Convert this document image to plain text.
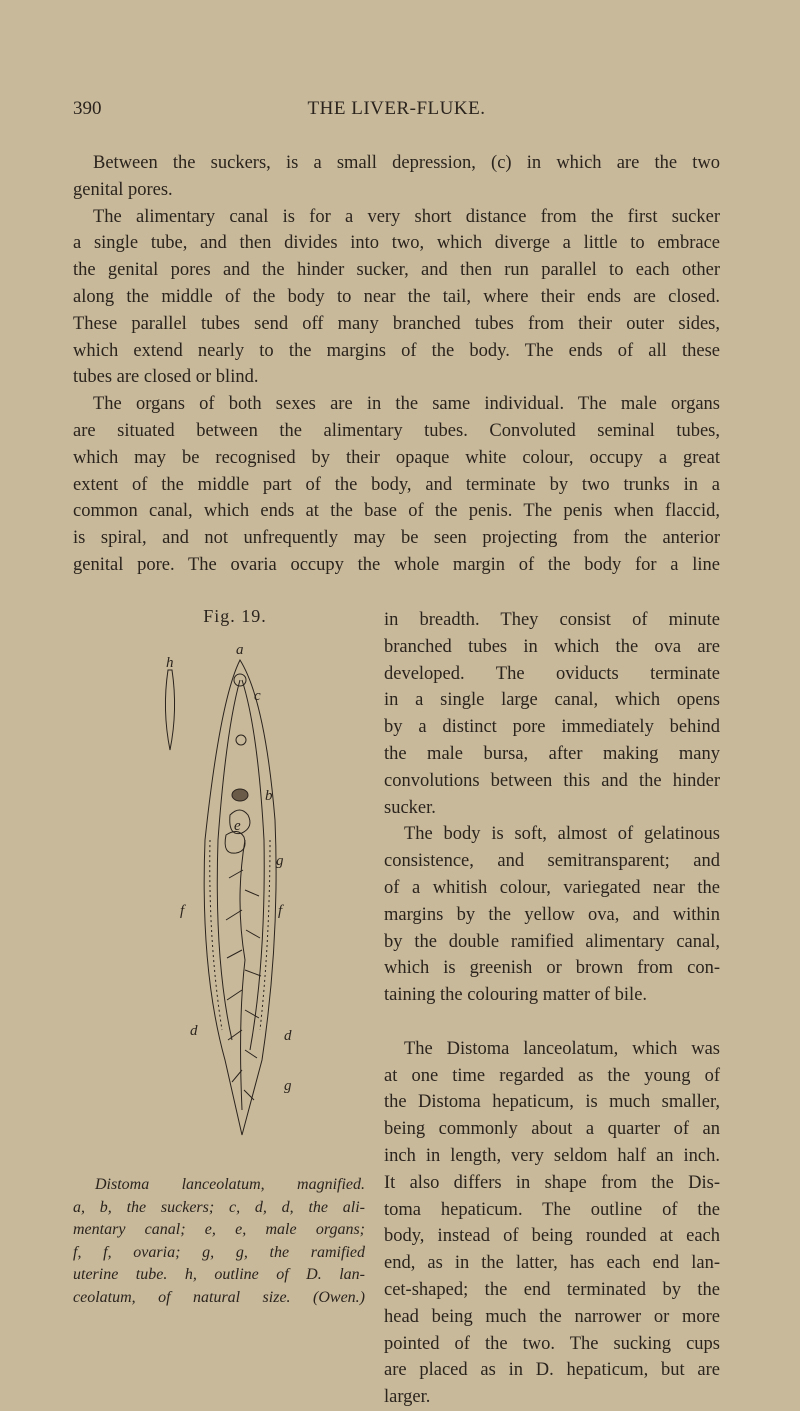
390	THE LIVER-FLUKE.
Between the suckers, is a small depression, (c) in which are the two
genital pores.
The alimentary canal is for a very short distance from the first sucker
a single tube, and then divides into two, which diverge a little to embrace
the genital pores and the hinder sucker, and then run parallel to each other
along the middle of the body to near the tail, where their ends are closed.
These parallel tubes send off many branched tubes from their outer sides,
which extend nearly to the margins of the body. The ends of all these
tubes are closed or blind.
The organs of both sexes are in the same individual. The male organs
are situated between the alimentary tubes. Convoluted seminal tubes,
which may be recognised by their opaque white colour, occupy a great
extent of the middle part of the body, and terminate by two trunks in a
common canal, which ends at the base of the penis. The penis when flaccid,
is spiral, and not unfrequently may be seen projecting from the anterior
genital pore. The ovaria occupy the whole margin of the body for a line
Fig. 19.
h
a
c
b
e
g
f	f
g
d	d
Distoma lanceolatum, magnified.
a, b, the suckers; c, d, d, the ali-
mentary canal; e, e, male organs;
f, f, ovaria; g, g, the ramified
uterine tube. h, outline of D. lan-
ceolatum, of natural size. (Owen.)
in breadth. They consist of minute
branched tubes in which the ova are
developed. The oviducts terminate
in a single large canal, which opens
by a distinct pore immediately behind
the male bursa, after making many
convolutions between this and the hinder
sucker.
The body is soft, almost of gelatinous
consistence, and semitransparent; and
of a whitish colour, variegated near the
margins by the yellow ova, and within
by the double ramified alimentary canal,
which is greenish or brown from con-
taining the colouring matter of bile.
The Distoma lanceolatum, which was
at one time regarded as the young of
the Distoma hepaticum, is much smaller,
being commonly about a quarter of an
inch in length, very seldom half an inch.
It also differs in shape from the Dis-
toma hepaticum. The outline of the
body, instead of being rounded at each
end, as in the latter, has each end lan-
cet-shaped; the end terminated by the
head being much the narrower or more
pointed of the two. The sucking cups
are placed as in D. hepaticum, but are
larger.
